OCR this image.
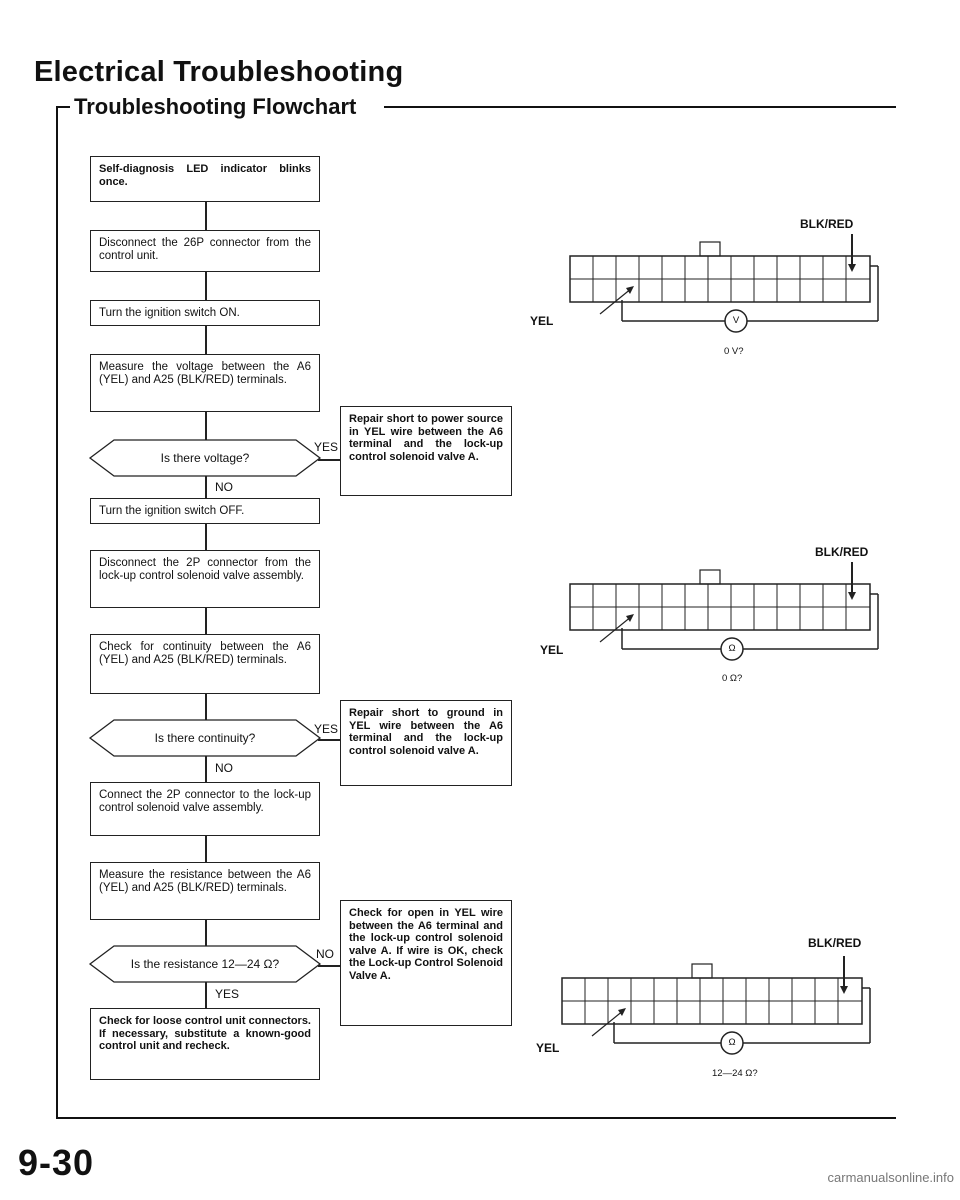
Electrical Troubleshooting
Troubleshooting Flowchart
Self-diagnosis LED indicator blinks once.
Disconnect the 26P connector from the control unit.
Turn the ignition switch ON.
Measure the voltage between the A6 (YEL) and A25 (BLK/RED) terminals.
Turn the ignition switch OFF.
Disconnect the 2P connector from the lock-up control solenoid valve assembly.
Check for continuity between the A6 (YEL) and A25 (BLK/RED) terminals.
Connect the 2P connector to the lock-up control solenoid valve assembly.
Measure the resistance between the A6 (YEL) and A25 (BLK/RED) terminals.
Check for loose control unit connectors. If necessary, substitute a known-good control unit and recheck.
Is there voltage?
Is there continuity?
Is the resistance 12—24 Ω?
YES
NO
YES
NO
NO
YES
Repair short to power source in YEL wire between the A6 terminal and the lock-up control solenoid valve A.
Repair short to ground in YEL wire between the A6 terminal and the lock-up control solenoid valve A.
Check for open in YEL wire between the A6 terminal and the lock-up control solenoid valve A. If wire is OK, check the Lock-up Control Solenoid Valve A.
BLK/RED
YEL	V
0 V?
BLK/RED
YEL	Ω
0 Ω?
BLK/RED
YEL	Ω
12—24 Ω?
9-30	carmanualsonline.info
